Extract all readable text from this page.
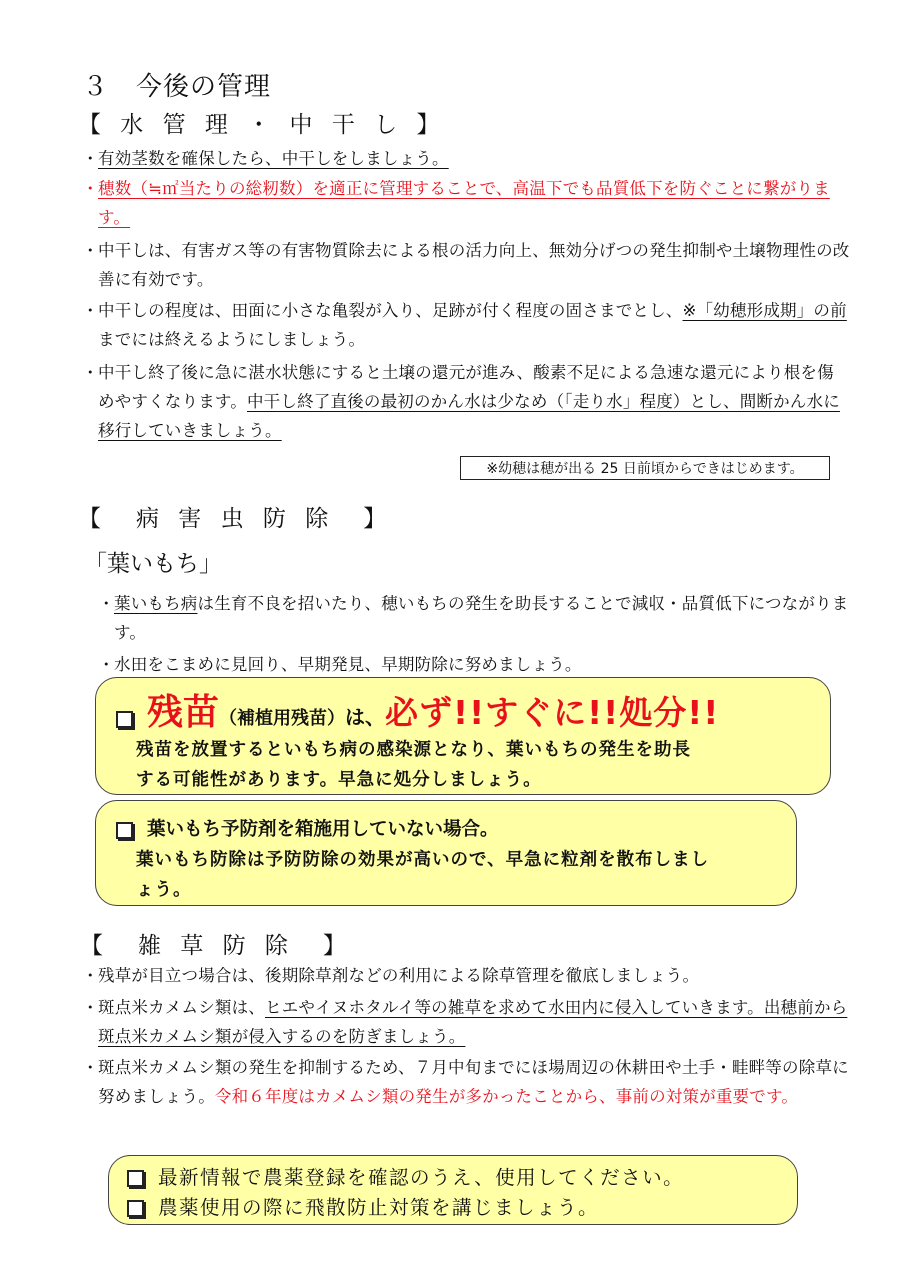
３　今後の管理
【 水 管 理 ・ 中 干 し 】
・有効茎数を確保したら、中干しをしましょう。
・穂数（≒㎡当たりの総籾数）を適正に管理することで、高温下でも品質低下を防ぐことに繋がります。
・中干しは、有害ガス等の有害物質除去による根の活力向上、無効分げつの発生抑制や土壌物理性の改善に有効です。
・中干しの程度は、田面に小さな亀裂が入り、足跡が付く程度の固さまでとし、※「幼穂形成期」の前までには終えるようにしましょう。
・中干し終了後に急に湛水状態にすると土壌の還元が進み、酸素不足による急速な還元により根を傷めやすくなります。中干し終了直後の最初のかん水は少なめ（「走り水」程度）とし、間断かん水に移行していきましょう。
※幼穂は穂が出る 25 日前頃からできはじめます。
【　病 害 虫 防 除　】
「葉いもち」
・葉いもち病は生育不良を招いたり、穂いもちの発生を助長することで減収・品質低下につながります。
・水田をこまめに見回り、早期発見、早期防除に努めましょう。
残苗（補植用残苗）は、必ず!!すぐに!!処分!!
残苗を放置するといもち病の感染源となり、葉いもちの発生を助長
する可能性があります。早急に処分しましょう。
葉いもち予防剤を箱施用していない場合。
葉いもち防除は予防防除の効果が高いので、早急に粒剤を散布しまし
ょう。
【　雑 草 防 除　】
・残草が目立つ場合は、後期除草剤などの利用による除草管理を徹底しましょう。
・斑点米カメムシ類は、ヒエやイヌホタルイ等の雑草を求めて水田内に侵入していきます。出穂前から斑点米カメムシ類が侵入するのを防ぎましょう。
・斑点米カメムシ類の発生を抑制するため、７月中旬までにほ場周辺の休耕田や土手・畦畔等の除草に努めましょう。令和６年度はカメムシ類の発生が多かったことから、事前の対策が重要です。
最新情報で農薬登録を確認のうえ、使用してください。
農薬使用の際に飛散防止対策を講じましょう。
